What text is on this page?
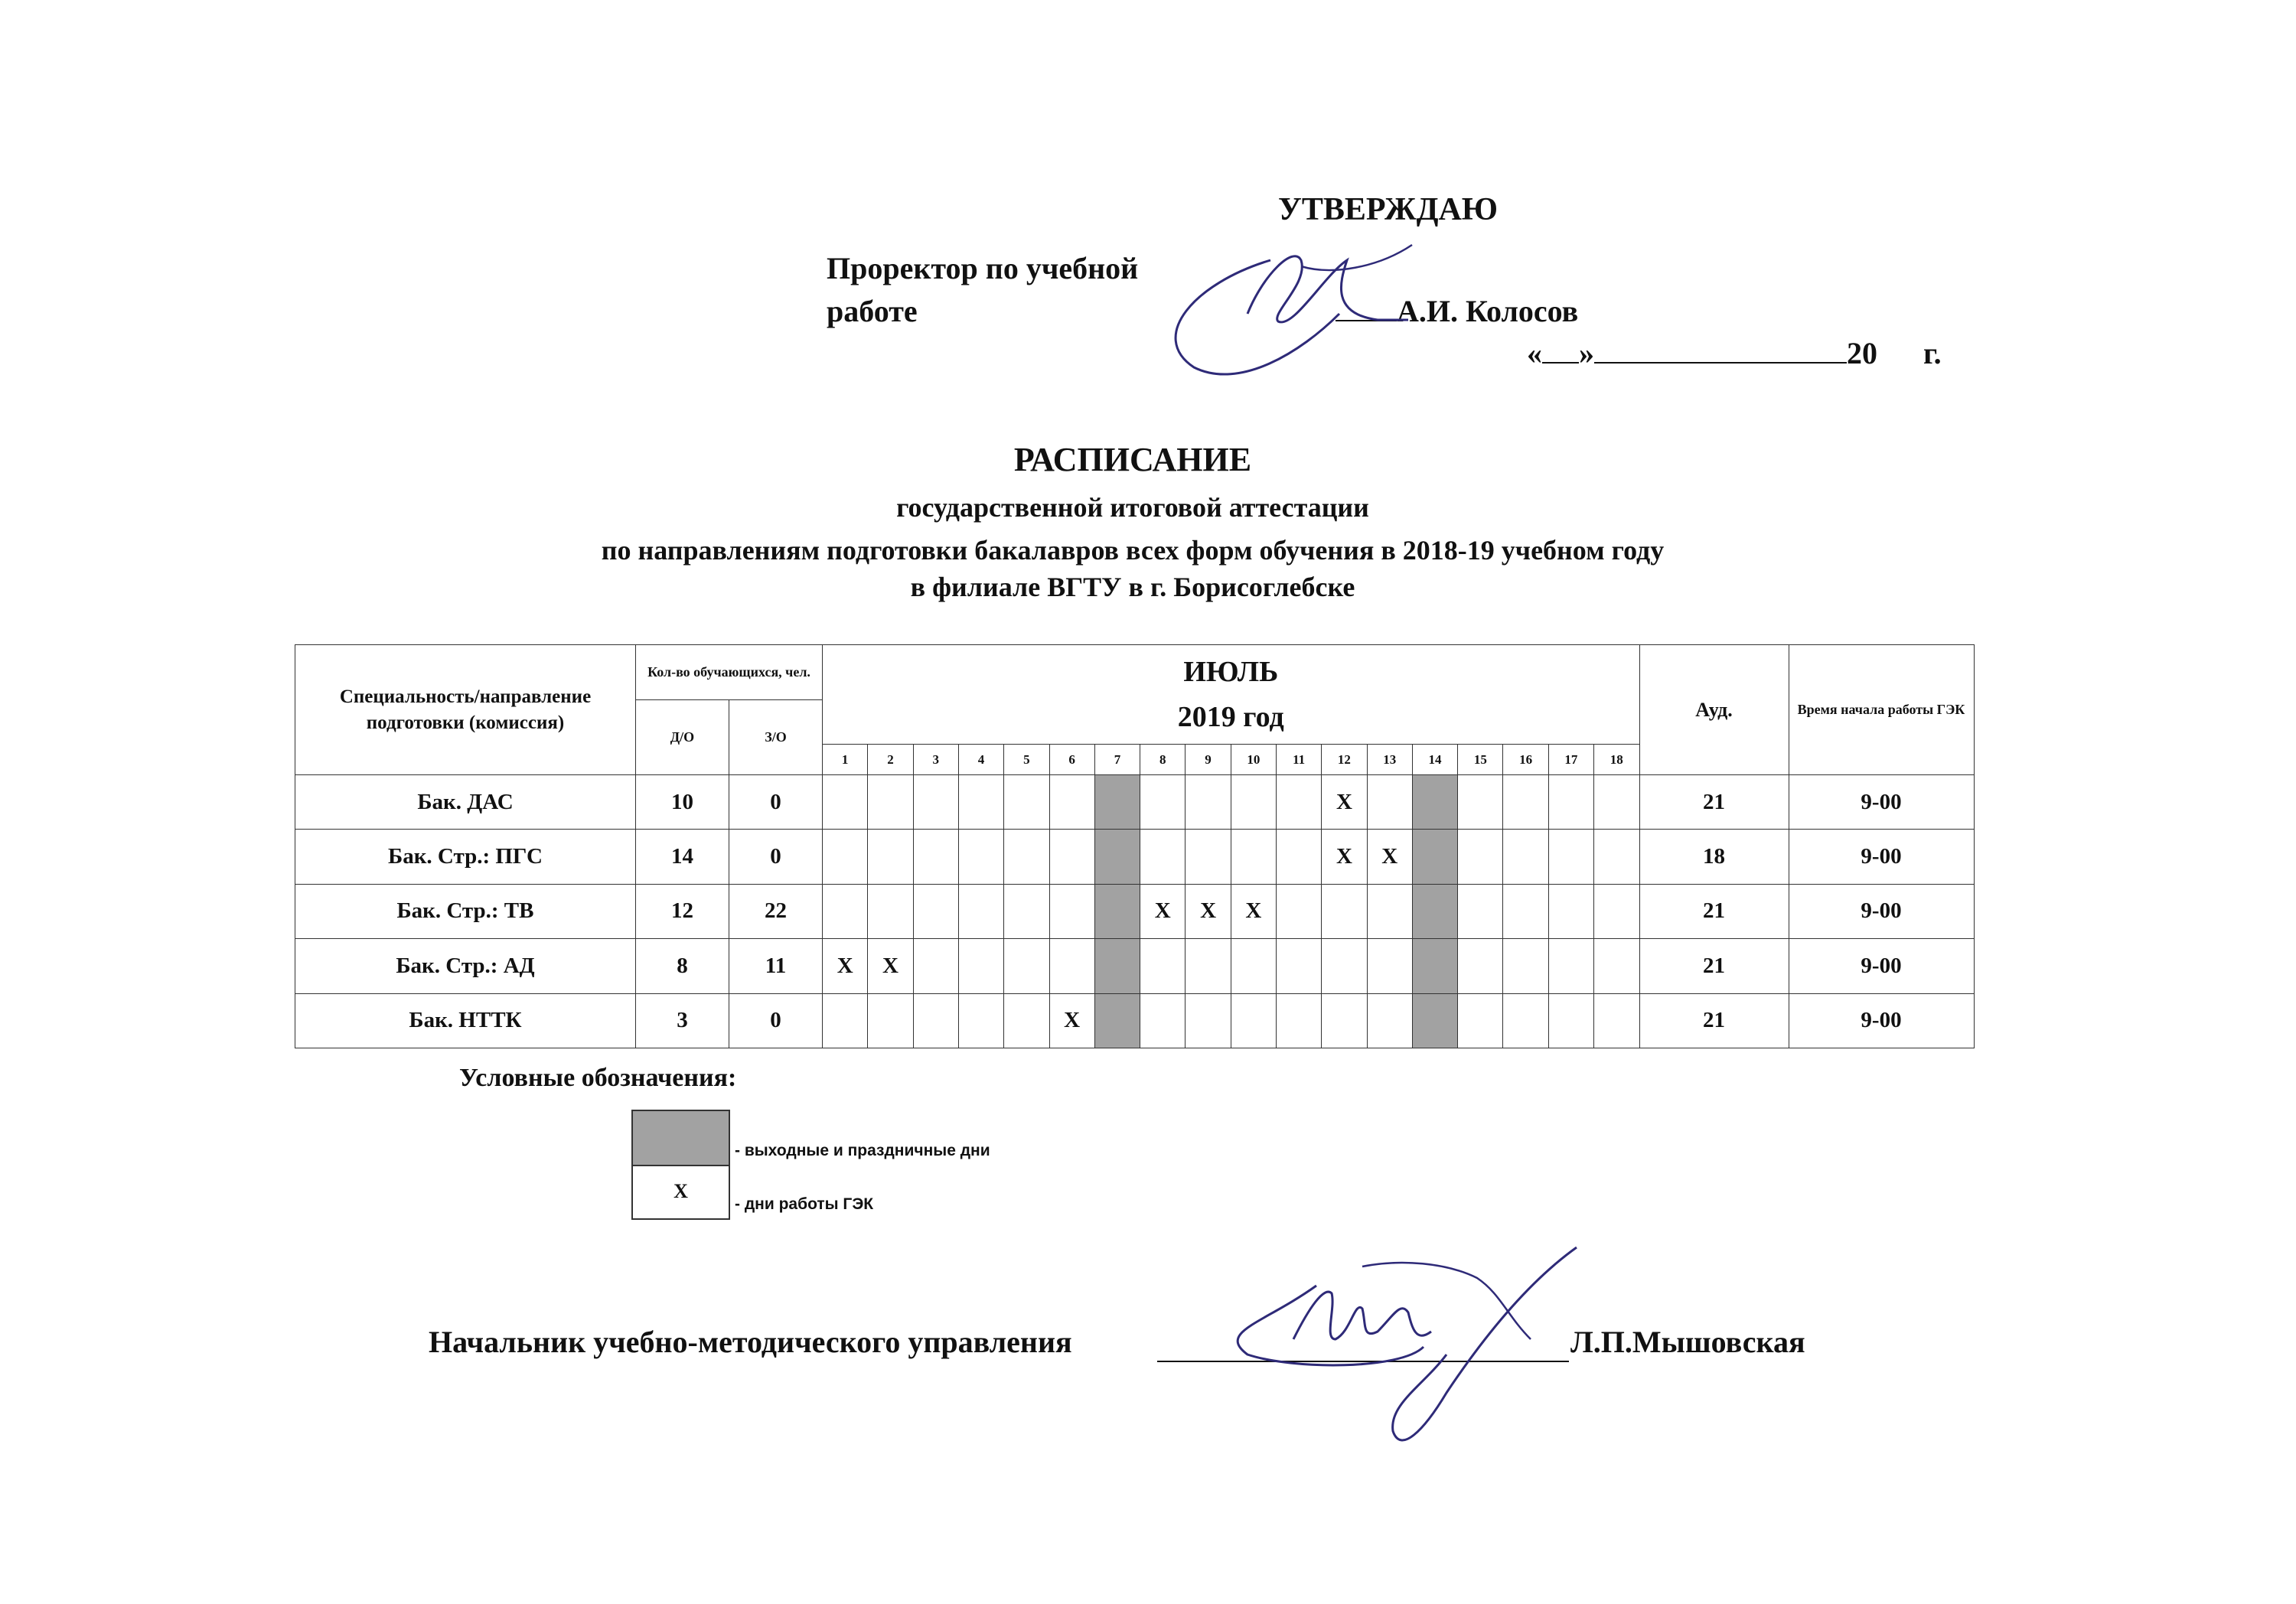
УТВЕРЖДАЮ
Проректор по учебной
работе	А.И. Колосов
« »	20 г.
РАСПИСАНИЕ
государственной итоговой аттестации
по направлениям подготовки бакалавров всех форм обучения в 2018-19 учебном году
в филиале ВГТУ в г. Борисоглебске
Специальность/направление подготовки (комиссия)	Кол-во обучающихся, чел.		ИЮЛЬ
2019 год																		Ауд.	Время начала работы ГЭК
	Д/О	З/О																				
			1	2	3	4	5	6	7	8	9	10	11	12	13	14	15	16	17	18		
Бак. ДАС	10	0												X							21	9-00
Бак. Стр.: ПГС	14	0												X	X						18	9-00
Бак. Стр.: ТВ	12	22								X	X	X									21	9-00
Бак. Стр.: АД	8	11	X	X																	21	9-00
Бак. НТТК	3	0						X													21	9-00
Условные обозначения:
Х
- выходные и праздничные дни
- дни работы ГЭК
Начальник учебно-методического управления	Л.П.Мышовская
